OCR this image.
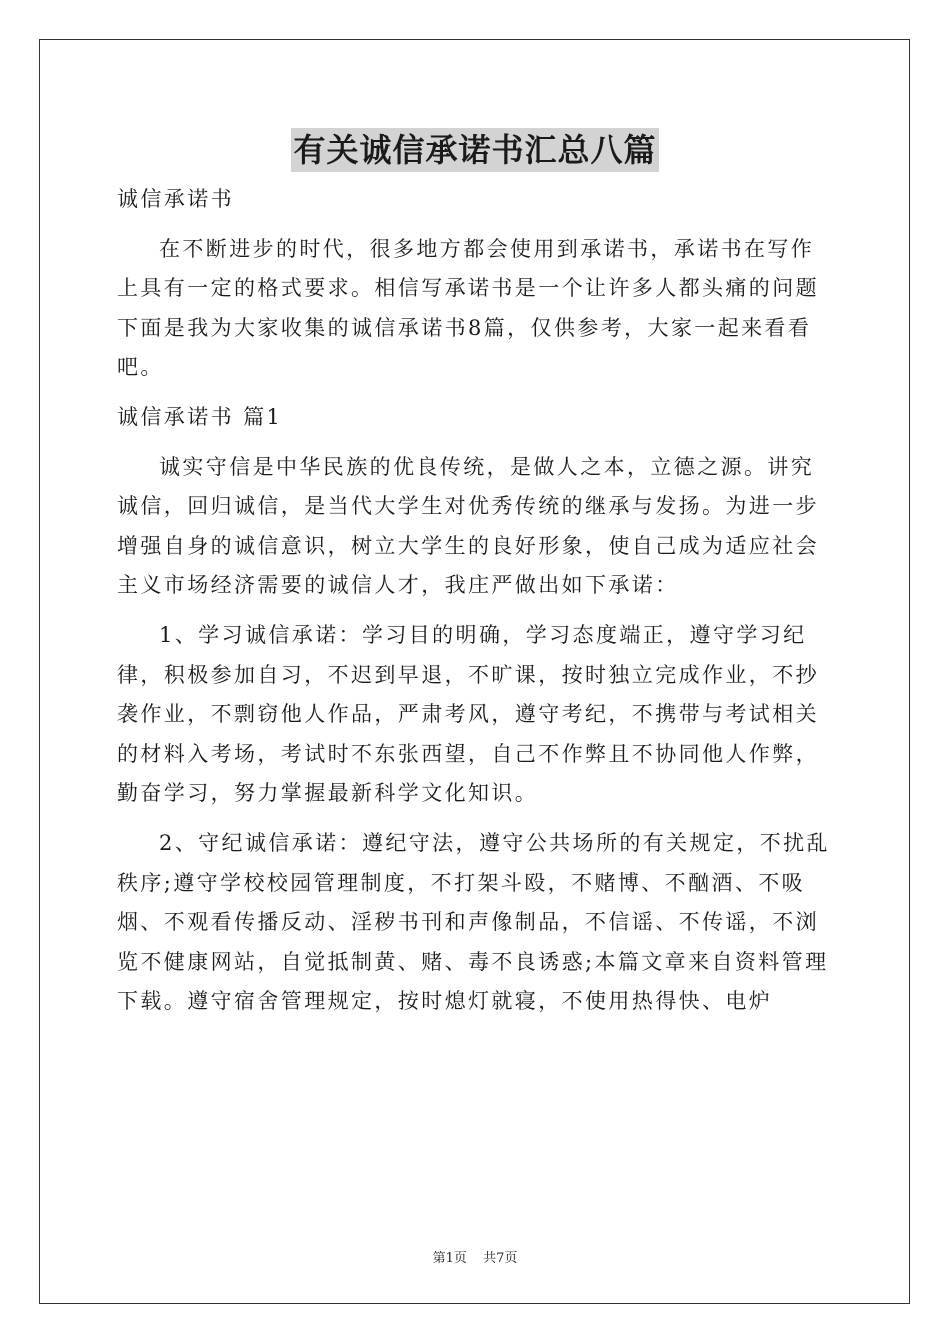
有关诚信承诺书汇总八篇

诚信承诺书

在不断进步的时代，很多地方都会使用到承诺书，承诺书在写作上具有一定的格式要求。相信写承诺书是一个让许多人都头痛的问题下面是我为大家收集的诚信承诺书8篇，仅供参考，大家一起来看看吧。

诚信承诺书 篇1

诚实守信是中华民族的优良传统，是做人之本，立德之源。讲究诚信，回归诚信，是当代大学生对优秀传统的继承与发扬。为进一步增强自身的诚信意识，树立大学生的良好形象，使自己成为适应社会主义市场经济需要的诚信人才，我庄严做出如下承诺：

1、学习诚信承诺：学习目的明确，学习态度端正，遵守学习纪律，积极参加自习，不迟到早退，不旷课，按时独立完成作业，不抄袭作业，不剽窃他人作品，严肃考风，遵守考纪，不携带与考试相关的材料入考场，考试时不东张西望，自己不作弊且不协同他人作弊，勤奋学习，努力掌握最新科学文化知识。

2、守纪诚信承诺：遵纪守法，遵守公共场所的有关规定，不扰乱秩序;遵守学校校园管理制度，不打架斗殴，不赌博、不酗酒、不吸烟、不观看传播反动、淫秽书刊和声像制品，不信谣、不传谣，不浏览不健康网站，自觉抵制黄、赌、毒不良诱惑;本篇文章来自资料管理下载。遵守宿舍管理规定，按时熄灯就寝，不使用热得快、电炉

第1页 共7页
